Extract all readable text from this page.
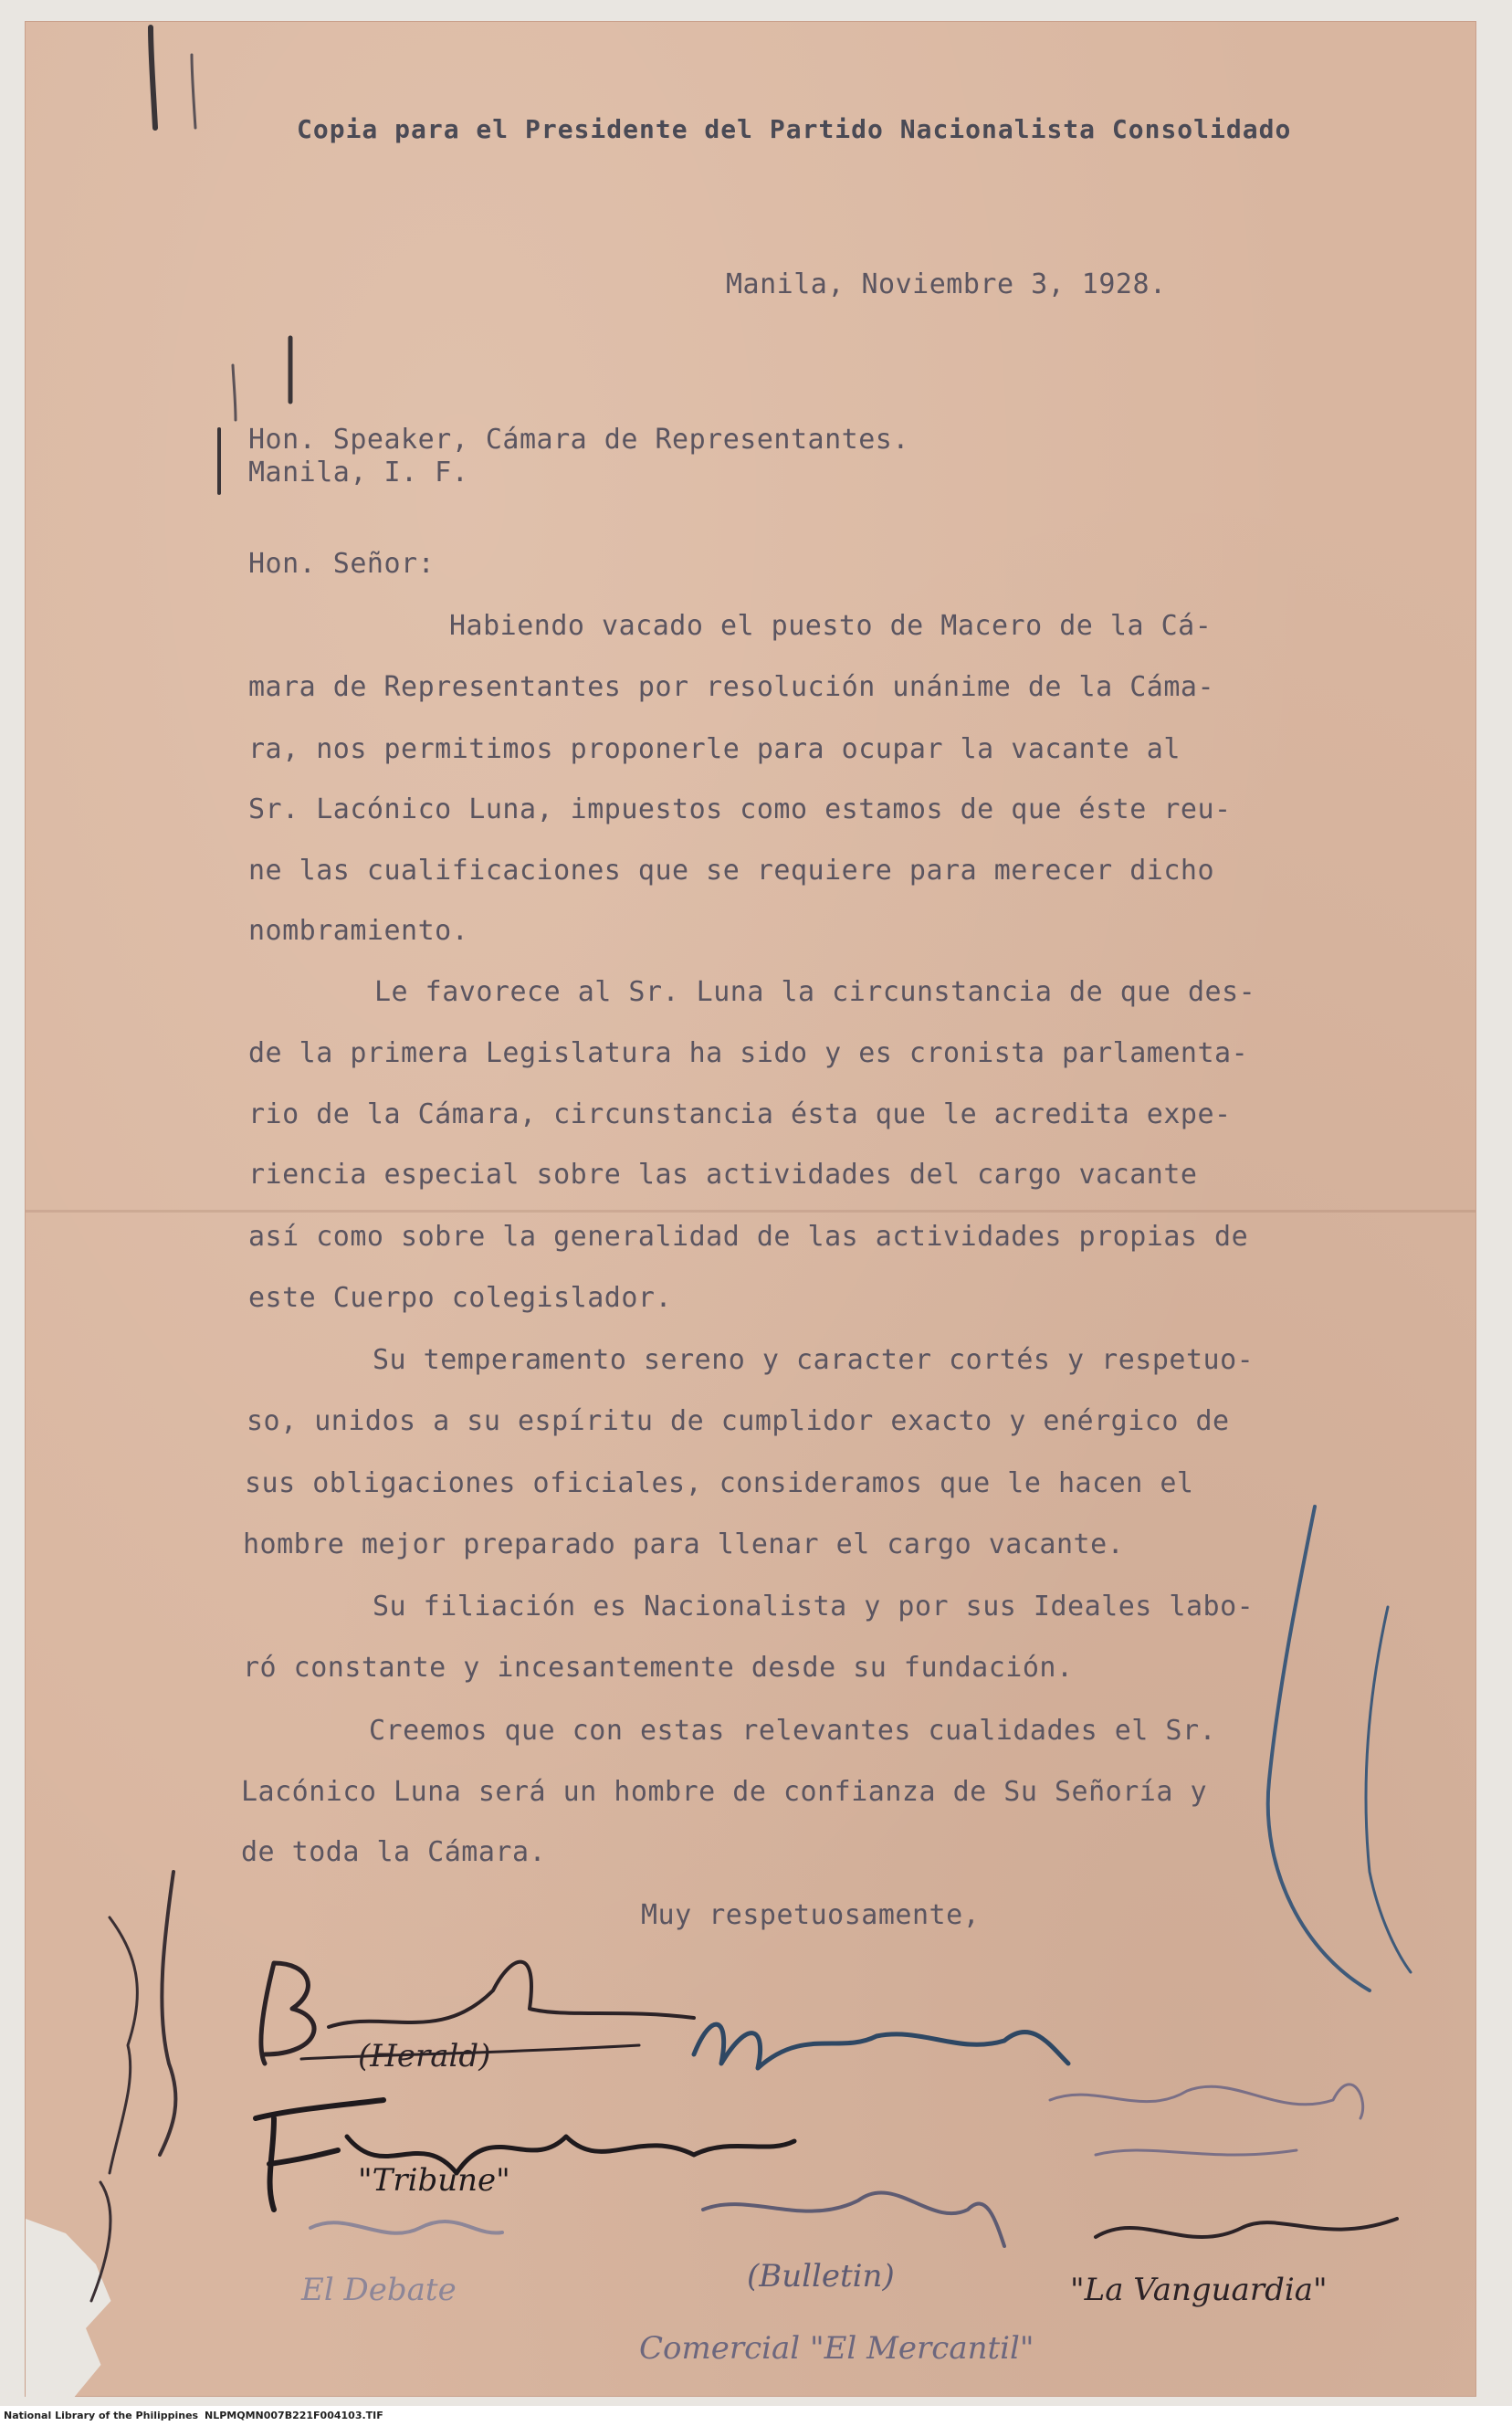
Copia para el Presidente del Partido Nacionalista Consolidado
Manila, Noviembre 3, 1928.
Hon. Speaker, Cámara de Representantes.
Manila, I. F.
Hon. Señor:
Habiendo vacado el puesto de Macero de la Cá-
mara de Representantes por resolución unánime de la Cáma-
ra, nos permitimos proponerle para ocupar la vacante al
Sr. Lacónico Luna, impuestos como estamos de que éste reu-
ne las cualificaciones que se requiere para merecer dicho
nombramiento.
Le favorece al Sr. Luna la circunstancia de que des-
de la primera Legislatura ha sido y es cronista parlamenta-
rio de la Cámara, circunstancia ésta que le acredita expe-
riencia especial sobre las actividades del cargo vacante
así como sobre la generalidad de las actividades propias de
este Cuerpo colegislador.
Su temperamento sereno y caracter cortés y respetuo-
so, unidos a su espíritu de cumplidor exacto y enérgico de
sus obligaciones oficiales, consideramos que le hacen el
hombre mejor preparado para llenar el cargo vacante.
Su filiación es Nacionalista y por sus Ideales labo-
ró constante y incesantemente desde su fundación.
Creemos que con estas relevantes cualidades el Sr.
Lacónico Luna será un hombre de confianza de Su Señoría y
de toda la Cámara.
Muy respetuosamente,
(Herald)
"Tribune"
El Debate	(Bulletin)	"La Vanguardia"
Comercial "El Mercantil"
National Library of the Philippines NLPMQMN007B221F004103.TIF
